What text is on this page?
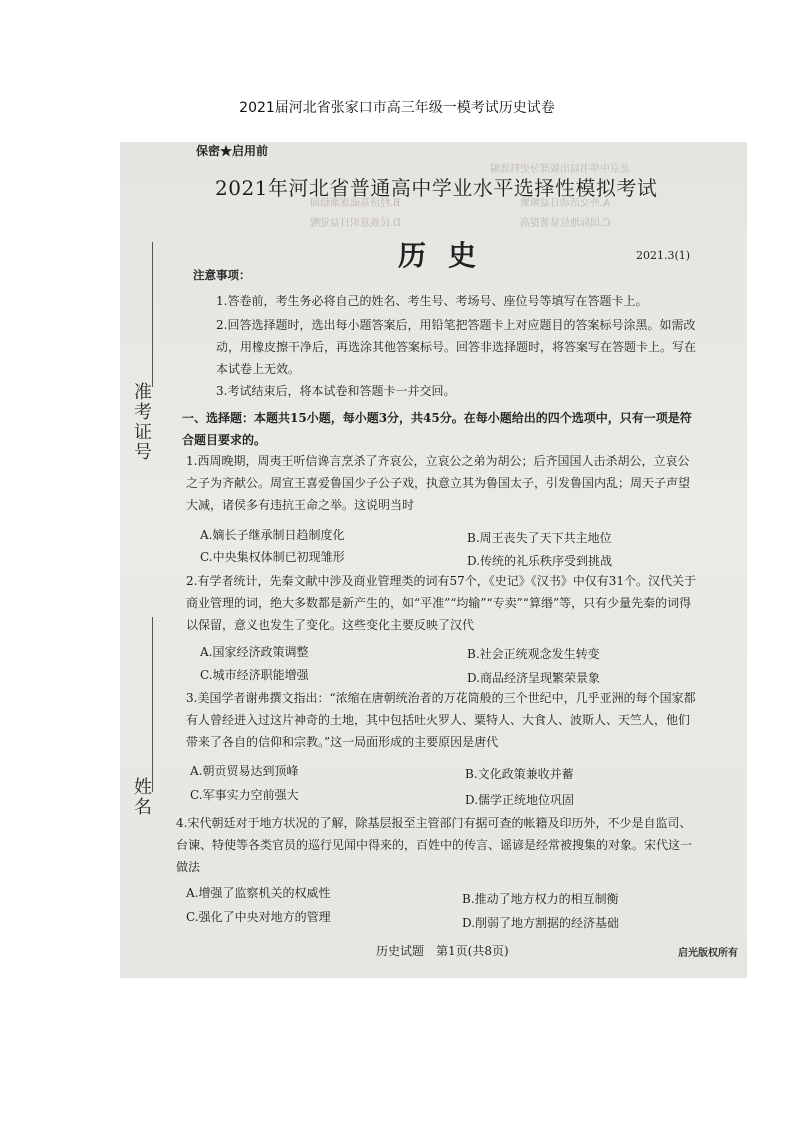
2021届河北省张家口市高三年级一模考试历史试卷
北京中华书局出版部分史料选编
A.外交活动日益频繁
C.国际地位显著提高
B.经济基础逐渐稳固
D.民族意识日益觉醒
保密★启用前
2021年河北省普通高中学业水平选择性模拟考试
历史	2021.3(1)
准考证号
姓名
注意事项：
1.答卷前，考生务必将自己的姓名、考生号、考场号、座位号等填写在答题卡上。
2.回答选择题时，选出每小题答案后，用铅笔把答题卡上对应题目的答案标号涂黑。如需改动，用橡皮擦干净后，再选涂其他答案标号。回答非选择题时，将答案写在答题卡上。写在本试卷上无效。
3.考试结束后，将本试卷和答题卡一并交回。
一、选择题：本题共15小题，每小题3分，共45分。在每小题给出的四个选项中，只有一项是符合题目要求的。
1.西周晚期，周夷王听信谗言烹杀了齐哀公，立哀公之弟为胡公；后齐国国人击杀胡公，立哀公之子为齐献公。周宣王喜爱鲁国少子公子戏，执意立其为鲁国太子，引发鲁国内乱；周天子声望大减，诸侯多有违抗王命之举。这说明当时
A.嫡长子继承制日趋制度化	B.周王丧失了天下共主地位
C.中央集权体制已初现雏形	D.传统的礼乐秩序受到挑战
2.有学者统计，先秦文献中涉及商业管理类的词有57个，《史记》《汉书》中仅有31个。汉代关于商业管理的词，绝大多数都是新产生的，如“平准”“均输”“专卖”“算缗”等，只有少量先秦的词得以保留，意义也发生了变化。这些变化主要反映了汉代
A.国家经济政策调整	B.社会正统观念发生转变
C.城市经济职能增强	D.商品经济呈现繁荣景象
3.美国学者谢弗撰文指出：“浓缩在唐朝统治者的万花筒般的三个世纪中，几乎亚洲的每个国家都有人曾经进入过这片神奇的土地，其中包括吐火罗人、粟特人、大食人、波斯人、天竺人，他们带来了各自的信仰和宗教。”这一局面形成的主要原因是唐代
A.朝贡贸易达到顶峰	B.文化政策兼收并蓄
C.军事实力空前强大	D.儒学正统地位巩固
4.宋代朝廷对于地方状况的了解，除基层报至主管部门有据可查的帐籍及印历外，不少是自监司、台谏、特使等各类官员的巡行见闻中得来的，百姓中的传言、谣谚是经常被搜集的对象。宋代这一做法
A.增强了监察机关的权威性	B.推动了地方权力的相互制衡
C.强化了中央对地方的管理	D.削弱了地方割据的经济基础
历史试题　第1页(共8页)	启光版权所有
